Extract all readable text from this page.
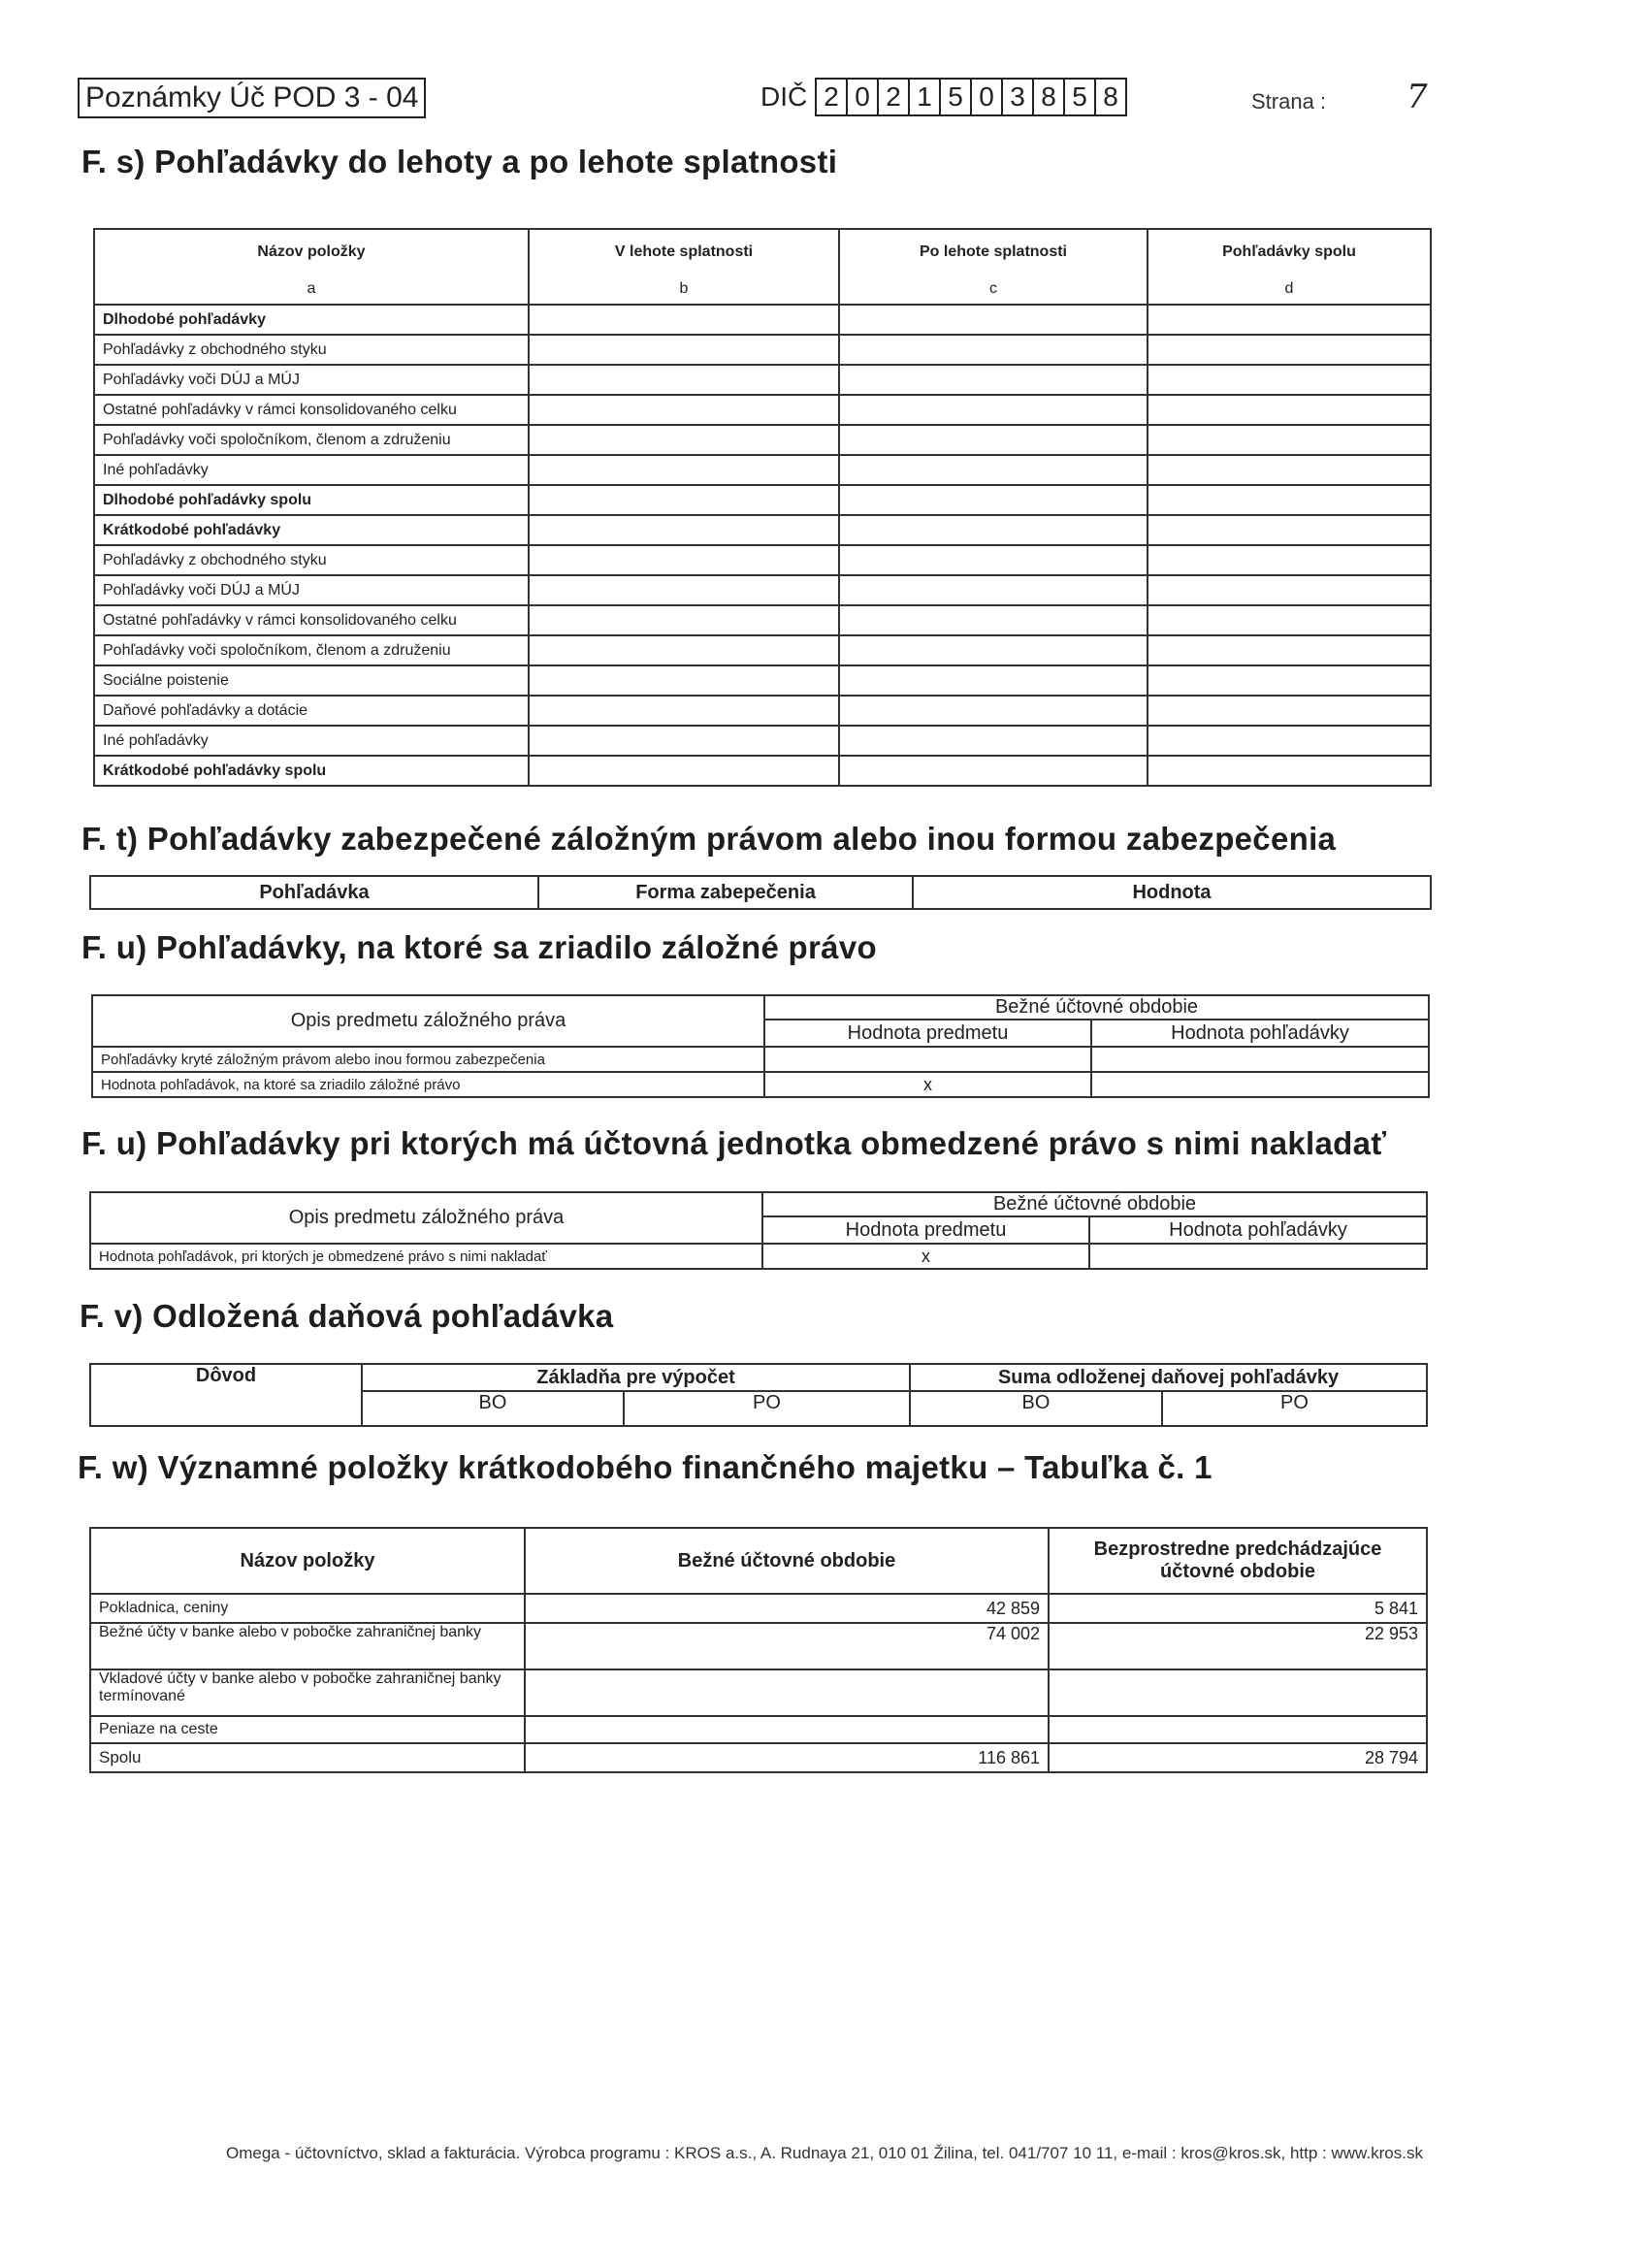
Poznámky Úč POD 3 - 04	DIČ 2 0 2 1 5 0 3 8 5 8	Strana : 7
F. s) Pohľadávky do lehoty a po lehote splatnosti
Názov položky	V lehote splatnosti	Po lehote splatnosti	Pohľadávky spolu
a	b	c	d
Dlhodobé pohľadávky			
Pohľadávky z obchodného styku			
Pohľadávky voči DÚJ a MÚJ			
Ostatné pohľadávky v rámci konsolidovaného celku			
Pohľadávky voči spoločníkom, členom a združeniu			
Iné pohľadávky			
Dlhodobé pohľadávky spolu			
Krátkodobé pohľadávky			
Pohľadávky z obchodného styku			
Pohľadávky voči DÚJ a MÚJ			
Ostatné pohľadávky v rámci konsolidovaného celku			
Pohľadávky voči spoločníkom, členom a združeniu			
Sociálne poistenie			
Daňové pohľadávky a dotácie			
Iné pohľadávky			
Krátkodobé pohľadávky spolu			
F. t) Pohľadávky zabezpečené záložným právom alebo inou formou zabezpečenia
Pohľadávka	Forma zabepečenia	Hodnota
F. u) Pohľadávky, na ktoré sa zriadilo záložné právo
Opis predmetu záložného práva	Bežné účtovné obdobie	
	Hodnota predmetu	Hodnota pohľadávky
Pohľadávky kryté záložným právom alebo inou formou zabezpečenia		
Hodnota pohľadávok, na ktoré sa zriadilo záložné právo	x	
F. u) Pohľadávky pri ktorých má účtovná jednotka obmedzené právo s nimi nakladať
Opis predmetu záložného práva	Bežné účtovné obdobie	
	Hodnota predmetu	Hodnota pohľadávky
Hodnota pohľadávok, pri ktorých je obmedzené právo s nimi nakladať	x	
F. v) Odložená daňová pohľadávka
Dôvod	Základňa pre výpočet		Suma odloženej daňovej pohľadávky	
	BO	PO	BO	PO
F. w) Významné položky krátkodobého finančného majetku – Tabuľka č. 1
Názov položky	Bežné účtovné obdobie	Bezprostredne predchádzajúce účtovné obdobie
Pokladnica, ceniny	42 859	5 841
Bežné účty v banke alebo v pobočke zahraničnej banky	74 002	22 953
Vkladové účty v banke alebo v pobočke zahraničnej banky termínované		
Peniaze na ceste		
Spolu	116 861	28 794
Omega - účtovníctvo, sklad a fakturácia. Výrobca programu : KROS a.s., A. Rudnaya 21, 010 01 Žilina, tel. 041/707 10 11, e-mail : kros@kros.sk, http : www.kros.sk
